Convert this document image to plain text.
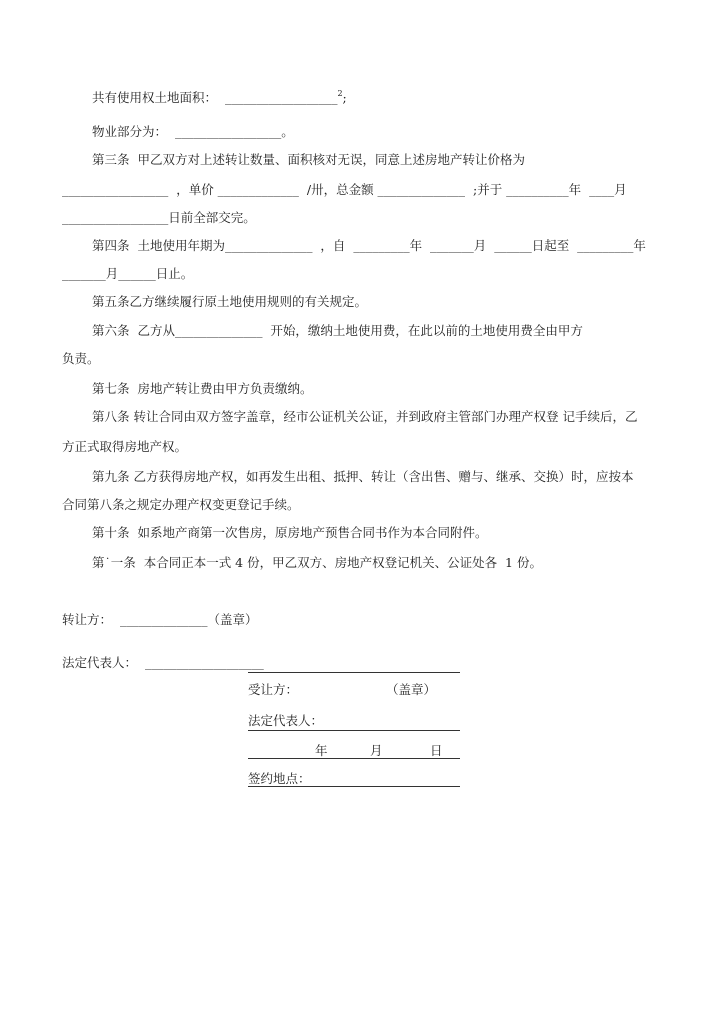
共有使用权土地面积：  __________________$^2$;
物业部分为：  _________________。
第三条  甲乙双方对上述转让数量、面积核对无误，同意上述房地产转让价格为
_________________  ，单价 _____________  /卅，总金额 ______________  ;并于 __________年  ____月
_________________日前全部交完。
第四条  土地使用年期为______________  ，自  _________年  _______月  ______日起至  _________年
_______月______日止。
第五条乙方继续履行原土地使用规则的有关规定。
第六条  乙方从______________  开始，缴纳土地使用费，在此以前的土地使用费全由甲方
负责。
第七条  房地产转让费由甲方负责缴纳。
第八条 转让合同由双方签字盖章，经市公证机关公证，并到政府主管部门办理产权登 记手续后，乙
方正式取得房地产权。
第九条 乙方获得房地产权，如再发生出租、抵押、转让（含出售、赠与、继承、交换）时，应按本
合同第八条之规定办理产权变更登记手续。
第十条  如系地产商第一次售房，原房地产预售合同书作为本合同附件。
第˙一条  本合同正本一式 4 份，甲乙双方、房地产权登记机关、公证处各  1 份。
转让方：  ______________（盖章）
法定代表人：  ___________________
受让方：	（盖章）
法定代表人：
年	月	日
签约地点：
